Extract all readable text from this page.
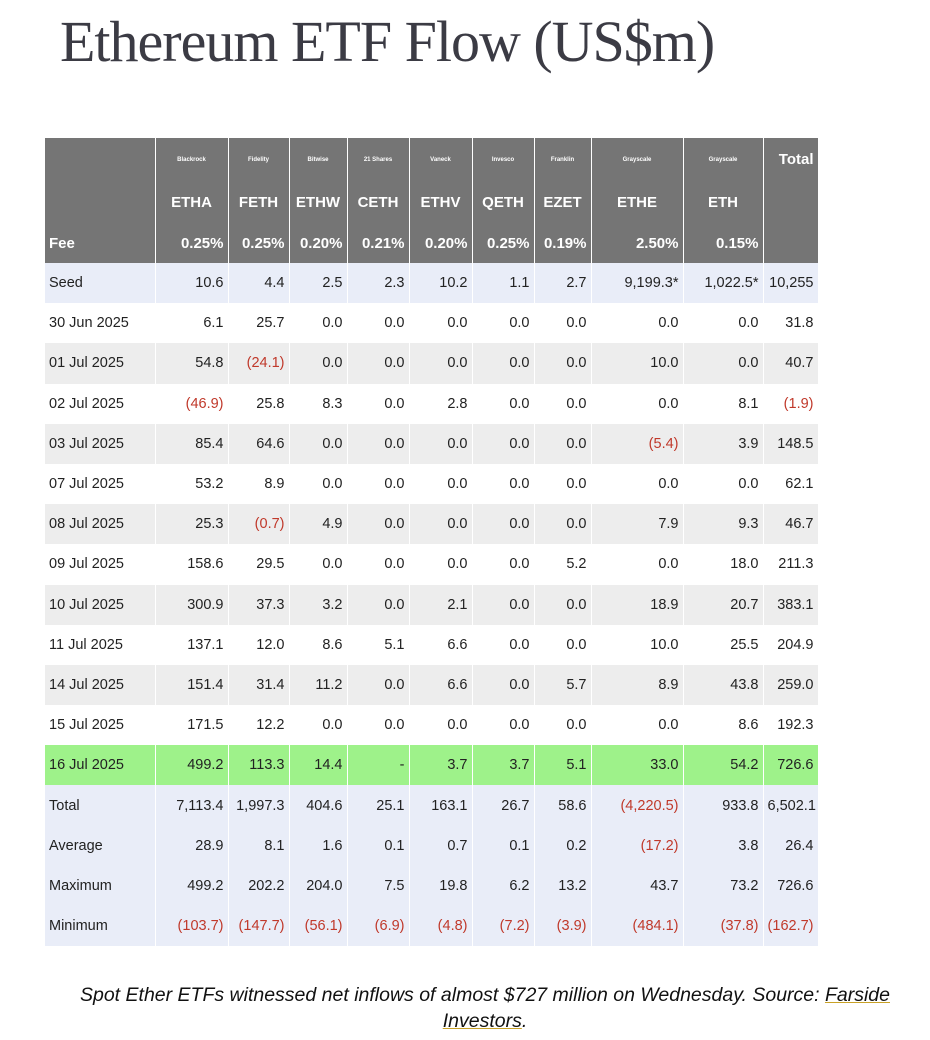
Ethereum ETF Flow (US$m)
	Blackrock	Fidelity	Bitwise	21 Shares	Vaneck	Invesco	Franklin	Grayscale	Grayscale	Total
	ETHA	FETH	ETHW	CETH	ETHV	QETH	EZET	ETHE	ETH	
Fee	0.25%	0.25%	0.20%	0.21%	0.20%	0.25%	0.19%	2.50%	0.15%	
Seed	10.6	4.4	2.5	2.3	10.2	1.1	2.7	9,199.3*	1,022.5*	10,255
30 Jun 2025	6.1	25.7	0.0	0.0	0.0	0.0	0.0	0.0	0.0	31.8
01 Jul 2025	54.8	(24.1)	0.0	0.0	0.0	0.0	0.0	10.0	0.0	40.7
02 Jul 2025	(46.9)	25.8	8.3	0.0	2.8	0.0	0.0	0.0	8.1	(1.9)
03 Jul 2025	85.4	64.6	0.0	0.0	0.0	0.0	0.0	(5.4)	3.9	148.5
07 Jul 2025	53.2	8.9	0.0	0.0	0.0	0.0	0.0	0.0	0.0	62.1
08 Jul 2025	25.3	(0.7)	4.9	0.0	0.0	0.0	0.0	7.9	9.3	46.7
09 Jul 2025	158.6	29.5	0.0	0.0	0.0	0.0	5.2	0.0	18.0	211.3
10 Jul 2025	300.9	37.3	3.2	0.0	2.1	0.0	0.0	18.9	20.7	383.1
11 Jul 2025	137.1	12.0	8.6	5.1	6.6	0.0	0.0	10.0	25.5	204.9
14 Jul 2025	151.4	31.4	11.2	0.0	6.6	0.0	5.7	8.9	43.8	259.0
15 Jul 2025	171.5	12.2	0.0	0.0	0.0	0.0	0.0	0.0	8.6	192.3
16 Jul 2025	499.2	113.3	14.4	-	3.7	3.7	5.1	33.0	54.2	726.6
Total	7,113.4	1,997.3	404.6	25.1	163.1	26.7	58.6	(4,220.5)	933.8	6,502.1
Average	28.9	8.1	1.6	0.1	0.7	0.1	0.2	(17.2)	3.8	26.4
Maximum	499.2	202.2	204.0	7.5	19.8	6.2	13.2	43.7	73.2	726.6
Minimum	(103.7)	(147.7)	(56.1)	(6.9)	(4.8)	(7.2)	(3.9)	(484.1)	(37.8)	(162.7)
Spot Ether ETFs witnessed net inflows of almost $727 million on Wednesday. Source: Farside Investors.
